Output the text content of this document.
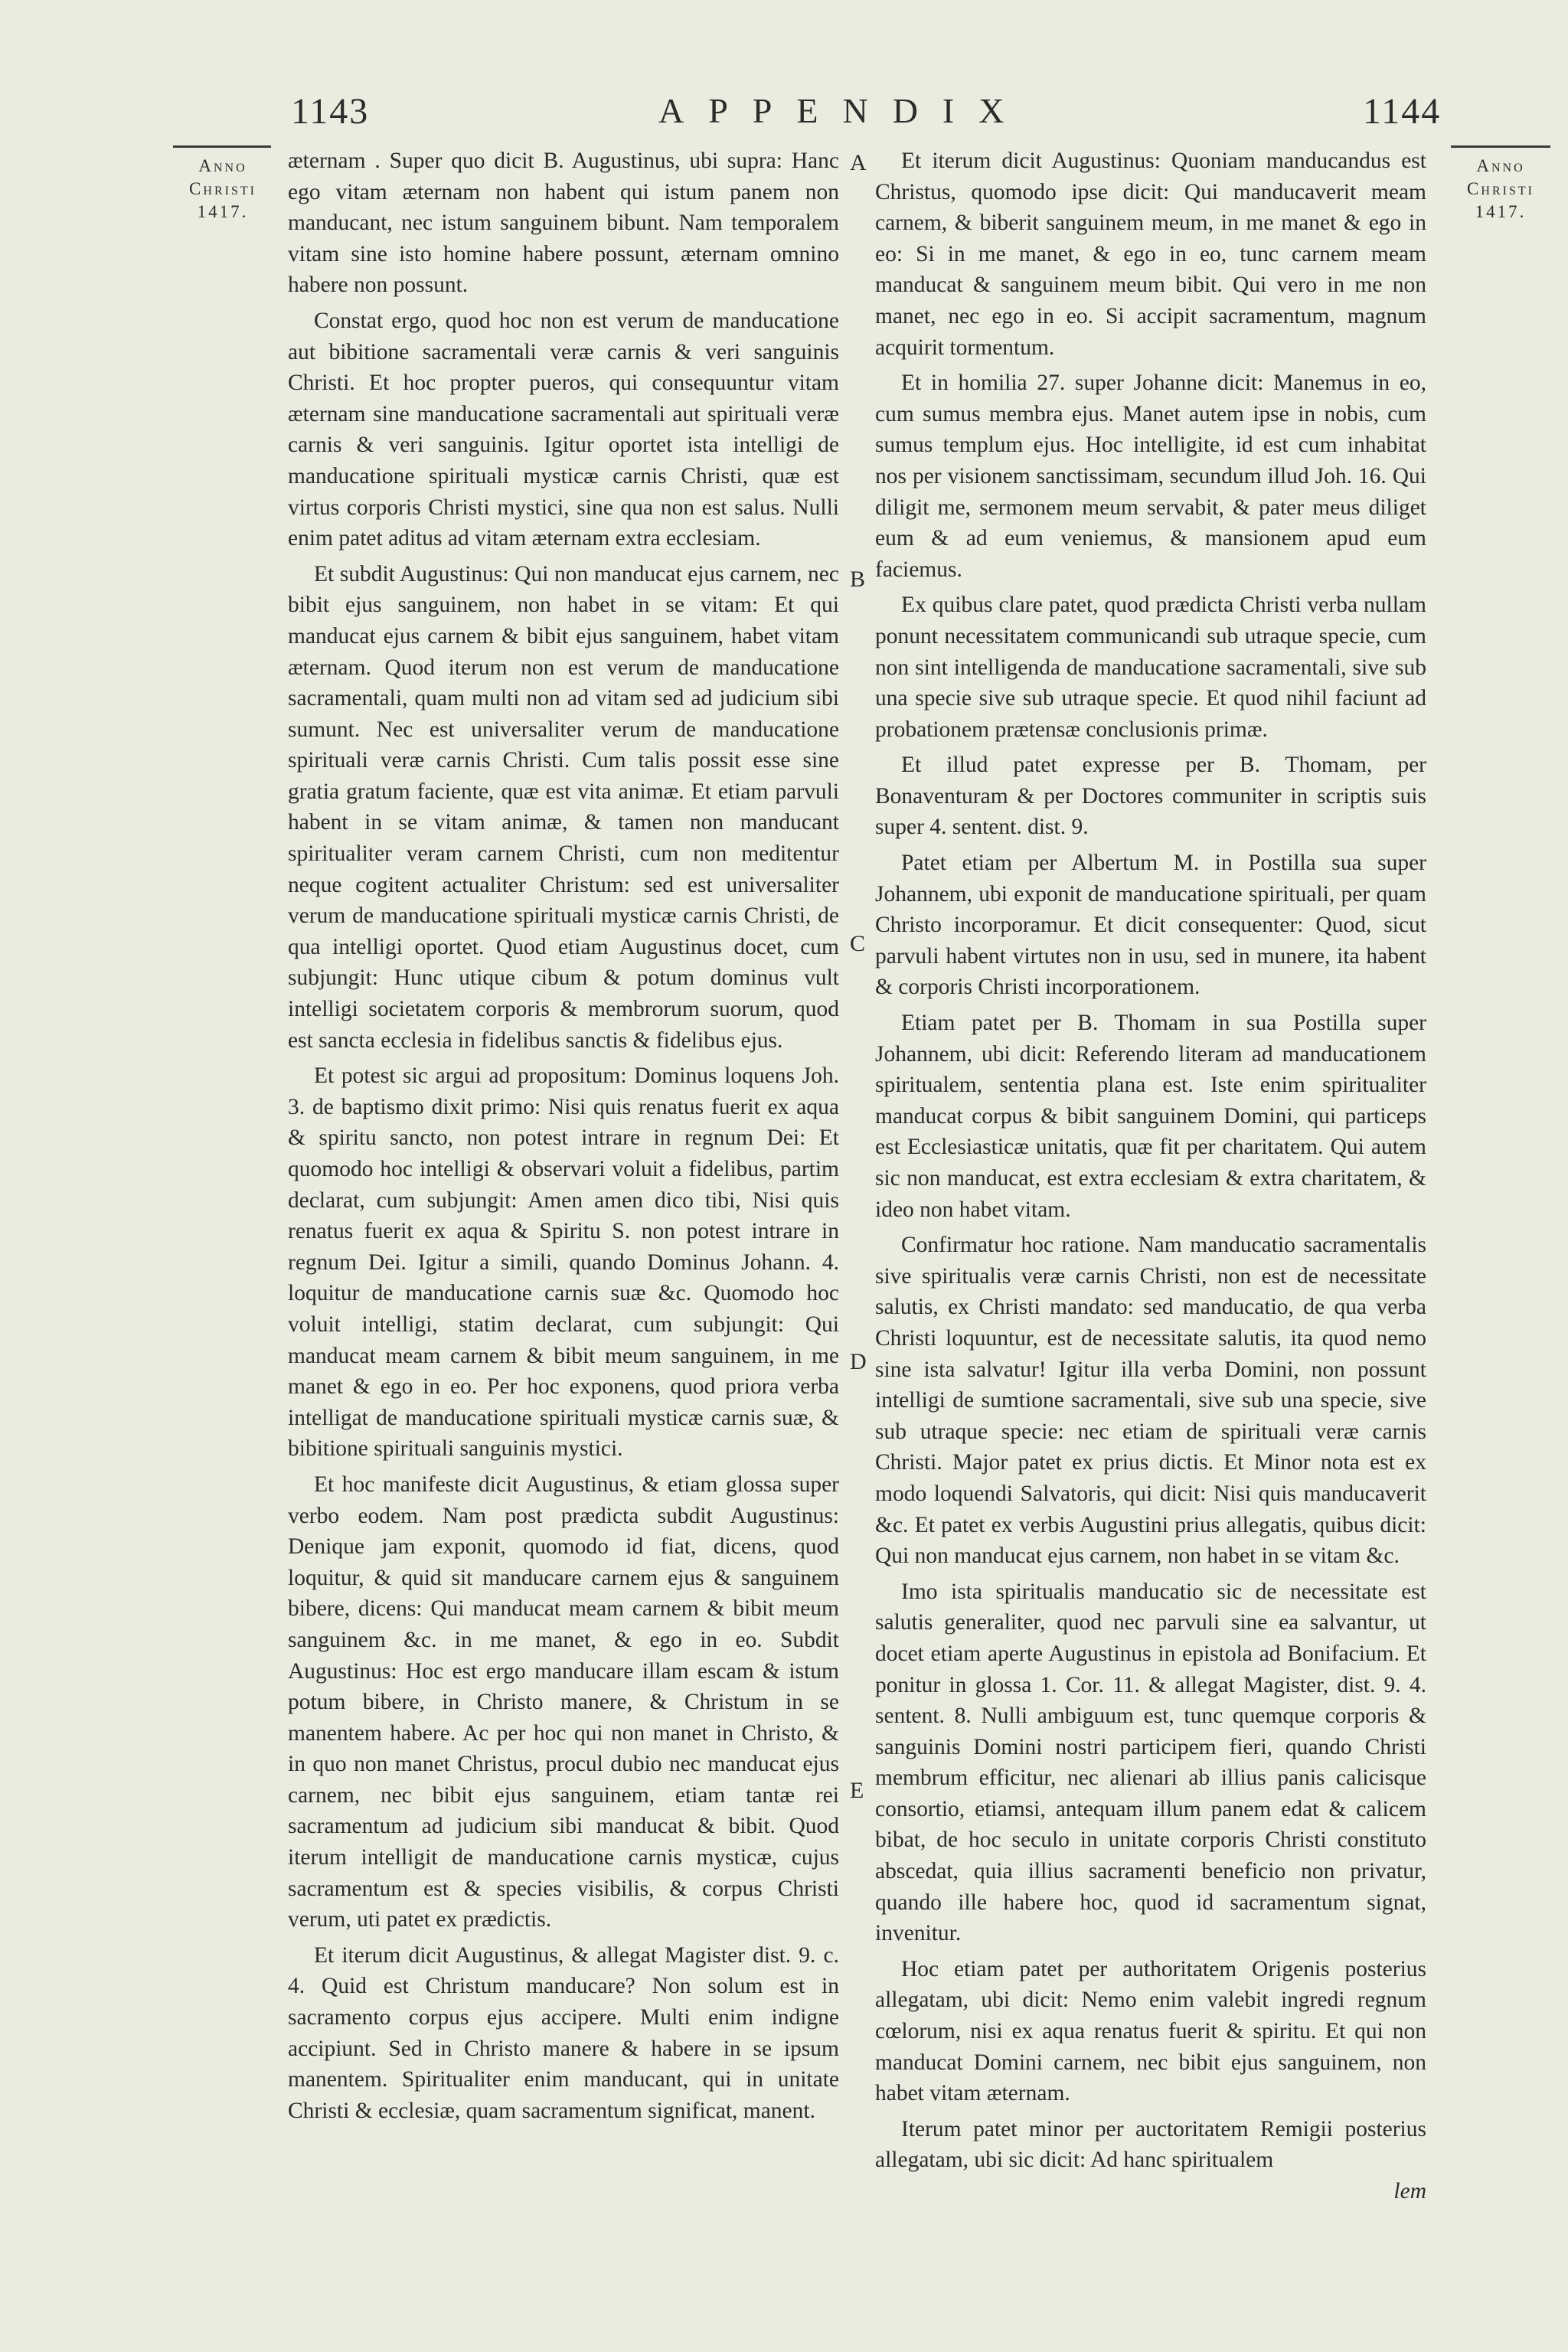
1143	APPENDIX	1144
Anno
Christi
1417.
Anno
Christi
1417.
A
B
C
D
E

æternam . Super quo dicit B. Augustinus, ubi supra: Hanc ego vitam æternam non habent qui istum panem non manducant, nec istum sanguinem bibunt. Nam temporalem vitam sine isto homine habere possunt, æternam omnino habere non possunt.

Constat ergo, quod hoc non est verum de manducatione aut bibitione sacramentali veræ carnis & veri sanguinis Christi. Et hoc propter pueros, qui consequuntur vitam æternam sine manducatione sacramentali aut spirituali veræ carnis & veri sanguinis. Igitur oportet ista intelligi de manducatione spirituali mysticæ carnis Christi, quæ est virtus corporis Christi mystici, sine qua non est salus. Nulli enim patet aditus ad vitam æternam extra ecclesiam.

Et subdit Augustinus: Qui non manducat ejus carnem, nec bibit ejus sanguinem, non habet in se vitam: Et qui manducat ejus carnem & bibit ejus sanguinem, habet vitam æternam. Quod iterum non est verum de manducatione sacramentali, quam multi non ad vitam sed ad judicium sibi sumunt. Nec est universaliter verum de manducatione spirituali veræ carnis Christi. Cum talis possit esse sine gratia gratum faciente, quæ est vita animæ. Et etiam parvuli habent in se vitam animæ, & tamen non manducant spiritualiter veram carnem Christi, cum non meditentur neque cogitent actualiter Christum: sed est universaliter verum de manducatione spirituali mysticæ carnis Christi, de qua intelligi oportet. Quod etiam Augustinus docet, cum subjungit: Hunc utique cibum & potum dominus vult intelligi societatem corporis & membrorum suorum, quod est sancta ecclesia in fidelibus sanctis & fidelibus ejus.

Et potest sic argui ad propositum: Dominus loquens Joh. 3. de baptismo dixit primo: Nisi quis renatus fuerit ex aqua & spiritu sancto, non potest intrare in regnum Dei: Et quomodo hoc intelligi & observari voluit a fidelibus, partim declarat, cum subjungit: Amen amen dico tibi, Nisi quis renatus fuerit ex aqua & Spiritu S. non potest intrare in regnum Dei. Igitur a simili, quando Dominus Johann. 4. loquitur de manducatione carnis suæ &c. Quomodo hoc voluit intelligi, statim declarat, cum subjungit: Qui manducat meam carnem & bibit meum sanguinem, in me manet & ego in eo. Per hoc exponens, quod priora verba intelligat de manducatione spirituali mysticæ carnis suæ, & bibitione spirituali sanguinis mystici.

Et hoc manifeste dicit Augustinus, & etiam glossa super verbo eodem. Nam post prædicta subdit Augustinus: Denique jam exponit, quomodo id fiat, dicens, quod loquitur, & quid sit manducare carnem ejus & sanguinem bibere, dicens: Qui manducat meam carnem & bibit meum sanguinem &c. in me manet, & ego in eo. Subdit Augustinus: Hoc est ergo manducare illam escam & istum potum bibere, in Christo manere, & Christum in se manentem habere. Ac per hoc qui non manet in Christo, & in quo non manet Christus, procul dubio nec manducat ejus carnem, nec bibit ejus sanguinem, etiam tantæ rei sacramentum ad judicium sibi manducat & bibit. Quod iterum intelligit de manducatione carnis mysticæ, cujus sacramentum est & species visibilis, & corpus Christi verum, uti patet ex prædictis.

Et iterum dicit Augustinus, & allegat Magister dist. 9. c. 4. Quid est Christum manducare? Non solum est in sacramento corpus ejus accipere. Multi enim indigne accipiunt. Sed in Christo manere & habere in se ipsum manentem. Spiritualiter enim manducant, qui in unitate Christi & ecclesiæ, quam sacramentum significat, manent.

Et iterum dicit Augustinus: Quoniam manducandus est Christus, quomodo ipse dicit: Qui manducaverit meam carnem, & biberit sanguinem meum, in me manet & ego in eo: Si in me manet, & ego in eo, tunc carnem meam manducat & sanguinem meum bibit. Qui vero in me non manet, nec ego in eo. Si accipit sacramentum, magnum acquirit tormentum.

Et in homilia 27. super Johanne dicit: Manemus in eo, cum sumus membra ejus. Manet autem ipse in nobis, cum sumus templum ejus. Hoc intelligite, id est cum inhabitat nos per visionem sanctissimam, secundum illud Joh. 16. Qui diligit me, sermonem meum servabit, & pater meus diliget eum & ad eum veniemus, & mansionem apud eum faciemus.

Ex quibus clare patet, quod prædicta Christi verba nullam ponunt necessitatem communicandi sub utraque specie, cum non sint intelligenda de manducatione sacramentali, sive sub una specie sive sub utraque specie. Et quod nihil faciunt ad probationem prætensæ conclusionis primæ.

Et illud patet expresse per B. Thomam, per Bonaventuram & per Doctores communiter in scriptis suis super 4. sentent. dist. 9.

Patet etiam per Albertum M. in Postilla sua super Johannem, ubi exponit de manducatione spirituali, per quam Christo incorporamur. Et dicit consequenter: Quod, sicut parvuli habent virtutes non in usu, sed in munere, ita habent & corporis Christi incorporationem.

Etiam patet per B. Thomam in sua Postilla super Johannem, ubi dicit: Referendo literam ad manducationem spiritualem, sententia plana est. Iste enim spiritualiter manducat corpus & bibit sanguinem Domini, qui particeps est Ecclesiasticæ unitatis, quæ fit per charitatem. Qui autem sic non manducat, est extra ecclesiam & extra charitatem, & ideo non habet vitam.

Confirmatur hoc ratione. Nam manducatio sacramentalis sive spiritualis veræ carnis Christi, non est de necessitate salutis, ex Christi mandato: sed manducatio, de qua verba Christi loquuntur, est de necessitate salutis, ita quod nemo sine ista salvatur! Igitur illa verba Domini, non possunt intelligi de sumtione sacramentali, sive sub una specie, sive sub utraque specie: nec etiam de spirituali veræ carnis Christi. Major patet ex prius dictis. Et Minor nota est ex modo loquendi Salvatoris, qui dicit: Nisi quis manducaverit &c. Et patet ex verbis Augustini prius allegatis, quibus dicit: Qui non manducat ejus carnem, non habet in se vitam &c.

Imo ista spiritualis manducatio sic de necessitate est salutis generaliter, quod nec parvuli sine ea salvantur, ut docet etiam aperte Augustinus in epistola ad Bonifacium. Et ponitur in glossa 1. Cor. 11. & allegat Magister, dist. 9. 4. sentent. 8. Nulli ambiguum est, tunc quemque corporis & sanguinis Domini nostri participem fieri, quando Christi membrum efficitur, nec alienari ab illius panis calicisque consortio, etiamsi, antequam illum panem edat & calicem bibat, de hoc seculo in unitate corporis Christi constituto abscedat, quia illius sacramenti beneficio non privatur, quando ille habere hoc, quod id sacramentum signat, invenitur.

Hoc etiam patet per authoritatem Origenis posterius allegatam, ubi dicit: Nemo enim valebit ingredi regnum cœlorum, nisi ex aqua renatus fuerit & spiritu. Et qui non manducat Domini carnem, nec bibit ejus sanguinem, non habet vitam æternam.

Iterum patet minor per auctoritatem Remigii posterius allegatam, ubi sic dicit: Ad hanc spiritualem

lem
